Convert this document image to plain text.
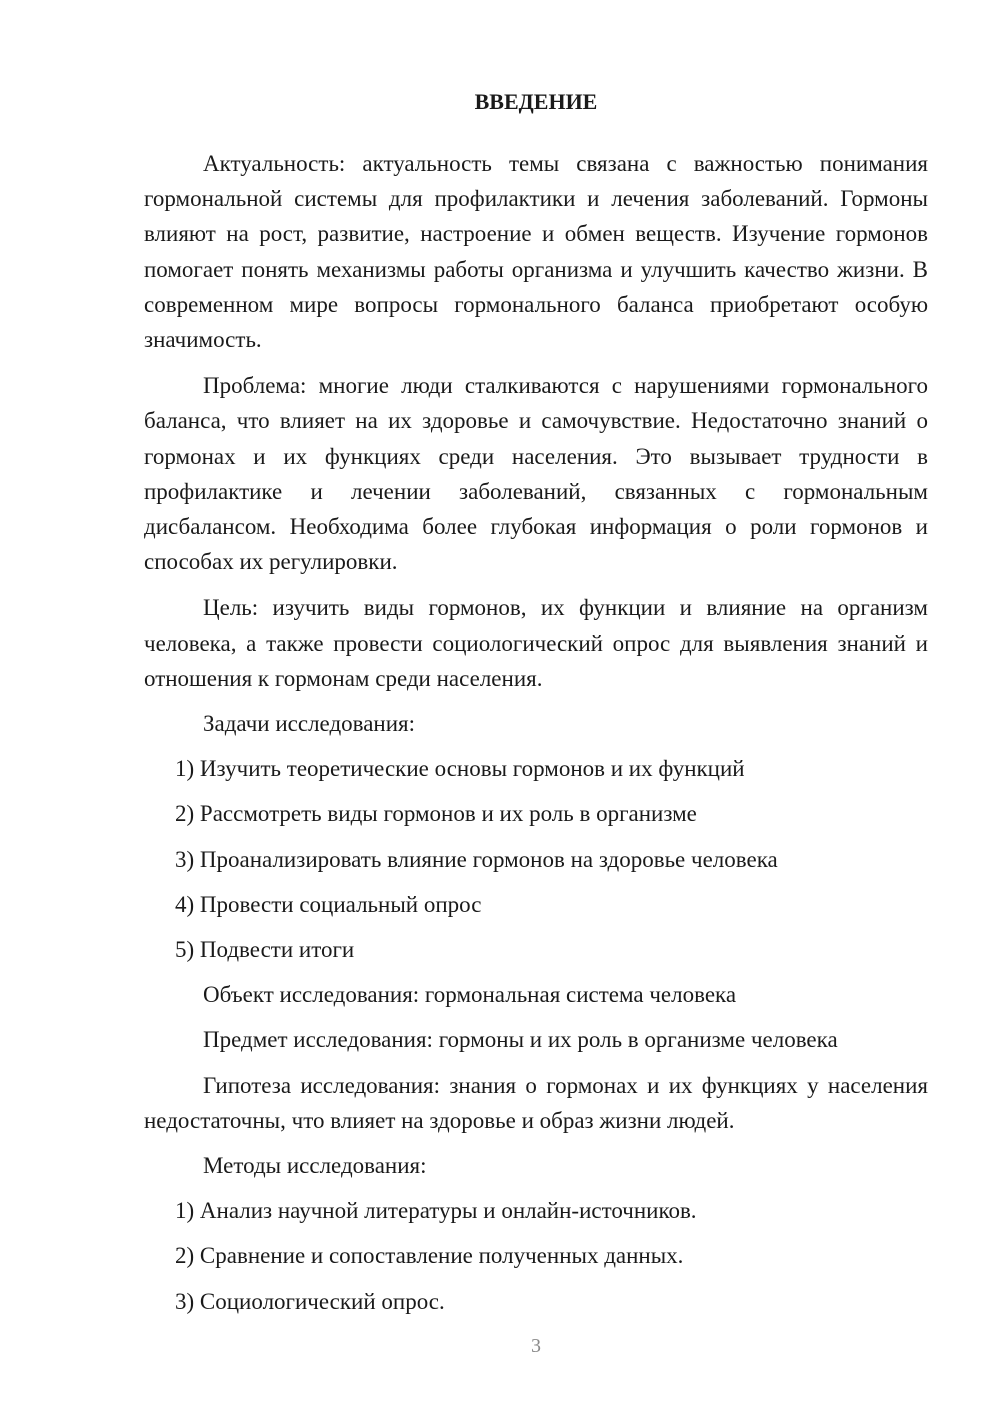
ВВЕДЕНИЕ

Актуальность: актуальность темы связана с важностью понимания гормональной системы для профилактики и лечения заболеваний. Гормоны влияют на рост, развитие, настроение и обмен веществ. Изучение гормонов помогает понять механизмы работы организма и улучшить качество жизни. В современном мире вопросы гормонального баланса приобретают особую значимость.

Проблема: многие люди сталкиваются с нарушениями гормонального баланса, что влияет на их здоровье и самочувствие. Недостаточно знаний о гормонах и их функциях среди населения. Это вызывает трудности в профилактике и лечении заболеваний, связанных с гормональным дисбалансом. Необходима более глубокая информация о роли гормонов и способах их регулировки.

Цель: изучить виды гормонов, их функции и влияние на организм человека, а также провести социологический опрос для выявления знаний и отношения к гормонам среди населения.

Задачи исследования:

1) Изучить теоретические основы гормонов и их функций

2) Рассмотреть виды гормонов и их роль в организме

3) Проанализировать влияние гормонов на здоровье человека

4) Провести социальный опрос

5) Подвести итоги

Объект исследования: гормональная система человека

Предмет исследования: гормоны и их роль в организме человека

Гипотеза исследования: знания о гормонах и их функциях у населения недостаточны, что влияет на здоровье и образ жизни людей.

Методы исследования:

1) Анализ научной литературы и онлайн-источников.

2) Сравнение и сопоставление полученных данных.

3) Социологический опрос.

3
